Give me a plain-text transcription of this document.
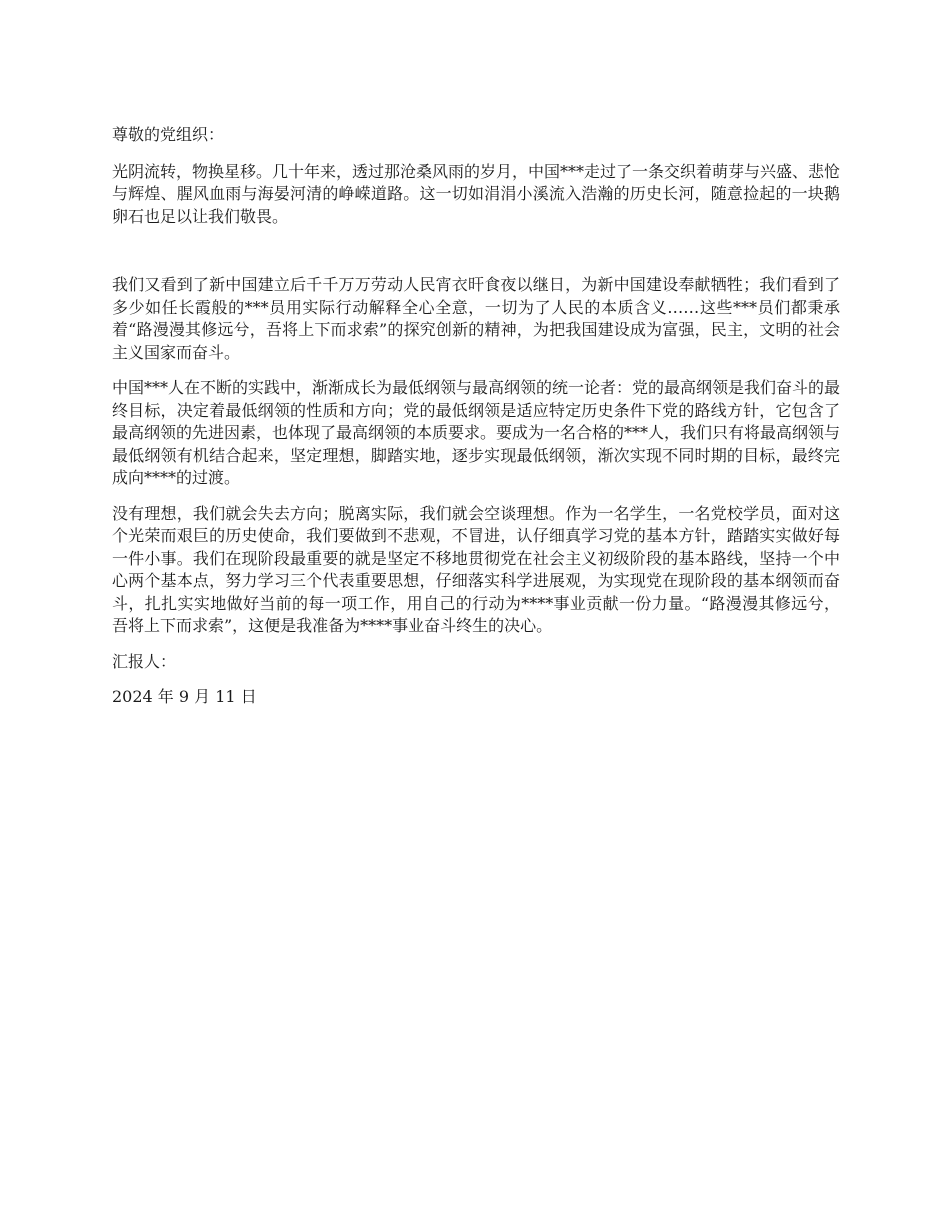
尊敬的党组织：

光阴流转，物换星移。几十年来，透过那沧桑风雨的岁月，中国***走过了一条交织着萌芽与兴盛、悲怆与辉煌、腥风血雨与海晏河清的峥嵘道路。这一切如涓涓小溪流入浩瀚的历史长河，随意捡起的一块鹅卵石也足以让我们敬畏。

我们又看到了新中国建立后千千万万劳动人民宵衣旰食夜以继日，为新中国建设奉献牺牲；我们看到了多少如任长霞般的***员用实际行动解释全心全意，一切为了人民的本质含义……这些***员们都秉承着“路漫漫其修远兮，吾将上下而求索”的探究创新的精神，为把我国建设成为富强，民主，文明的社会主义国家而奋斗。

中国***人在不断的实践中，渐渐成长为最低纲领与最高纲领的统一论者：党的最高纲领是我们奋斗的最终目标，决定着最低纲领的性质和方向；党的最低纲领是适应特定历史条件下党的路线方针，它包含了最高纲领的先进因素，也体现了最高纲领的本质要求。要成为一名合格的***人，我们只有将最高纲领与最低纲领有机结合起来，坚定理想，脚踏实地，逐步实现最低纲领，渐次实现不同时期的目标，最终完成向****的过渡。

没有理想，我们就会失去方向；脱离实际，我们就会空谈理想。作为一名学生，一名党校学员，面对这个光荣而艰巨的历史使命，我们要做到不悲观，不冒进，认仔细真学习党的基本方针，踏踏实实做好每一件小事。我们在现阶段最重要的就是坚定不移地贯彻党在社会主义初级阶段的基本路线，坚持一个中心两个基本点，努力学习三个代表重要思想，仔细落实科学进展观，为实现党在现阶段的基本纲领而奋斗，扎扎实实地做好当前的每一项工作，用自己的行动为****事业贡献一份力量。“路漫漫其修远兮，吾将上下而求索”，这便是我准备为****事业奋斗终生的决心。

汇报人：

2024 年 9 月 11 日
